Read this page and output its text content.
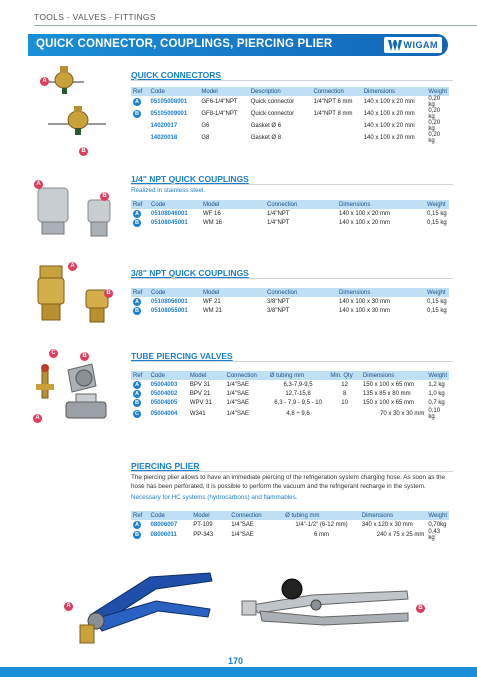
TOOLS - VALVES - FITTINGS
QUICK CONNECTOR, COUPLINGS, PIERCING PLIER	WIGAM
A
B
QUICK CONNECTORS
Ref	Code	Model	Description	Connection	Dimensions	Weight
A	05105008001	GF6-1/4"NPT	Quick connector	1/4"NPT 6 mm	140 x 100 x 20 mm	0,20 kg
B	05105009001	GF8-1/4"NPT	Quick connector	1/4"NPT 8 mm	140 x 100 x 20 mm	0,20 kg
	14020017	G6	Gasket Ø 6		140 x 100 x 20 mm	0,20 kg
	14020018	G8	Gasket Ø 8		140 x 100 x 20 mm	0,20 kg
A
B
1/4" NPT QUICK COUPLINGS
Realized in stainless steel.
Ref	Code	Model	Connection	Dimensions	Weight
A	05108046001	WF 16	1/4"NPT	140 x 100 x 20 mm	0,15 kg
B	05108045001	WM 16	1/4"NPT	140 x 100 x 20 mm	0,15 kg
A
B
3/8" NPT QUICK COUPLINGS
Ref	Code	Model	Connection	Dimensions	Weight
A	05108056001	WF 21	3/8"NPT	140 x 100 x 30 mm	0,15 kg
B	05108055001	WM 21	3/8"NPT	140 x 100 x 30 mm	0,15 kg
C	B
A
TUBE PIERCING VALVES
Ref	Code	Model	Connection	Ø tubing mm	Min. Qty	Dimensions	Weight
A	05004003	BPV 31	1/4"SAE	6,3-7,9-9,5	12	150 x 100 x 65 mm	1,2 kg
A	05004002	BPV 21	1/4"SAE	12,7-15,8	8	135 x 85 x 80 mm	1,0 kg
B	05004005	WPV 31	1/4"SAE	6,3 - 7,9 - 9,5 - 10	10	150 x 100 x 65 mm	0,7 kg
C	05004004	W341	1/4"SAE	4,8 ÷ 9,6		70 x 30 x 30 mm	0,10 kg
PIERCING PLIER
The piercing plier allows to have an immediate piercing of the refrigeration system charging hose. As soon as the hose has been perforated, it is possible to perform the vacuum and the refrigerant recharge in the system.
Necessary for HC systems (hydrocarbons) and flammables.
Ref	Code	Model	Connection	Ø tubing mm	Dimensions	Weight
A	08006007	PT-109	1/4"SAE	1/4"-1/2" (6-12 mm)	340 x 120 x 30 mm	0,70kg
B	08006011	PP-343	1/4"SAE	6 mm	240 x 75 x 25 mm	0,43 kg
A	B
170
